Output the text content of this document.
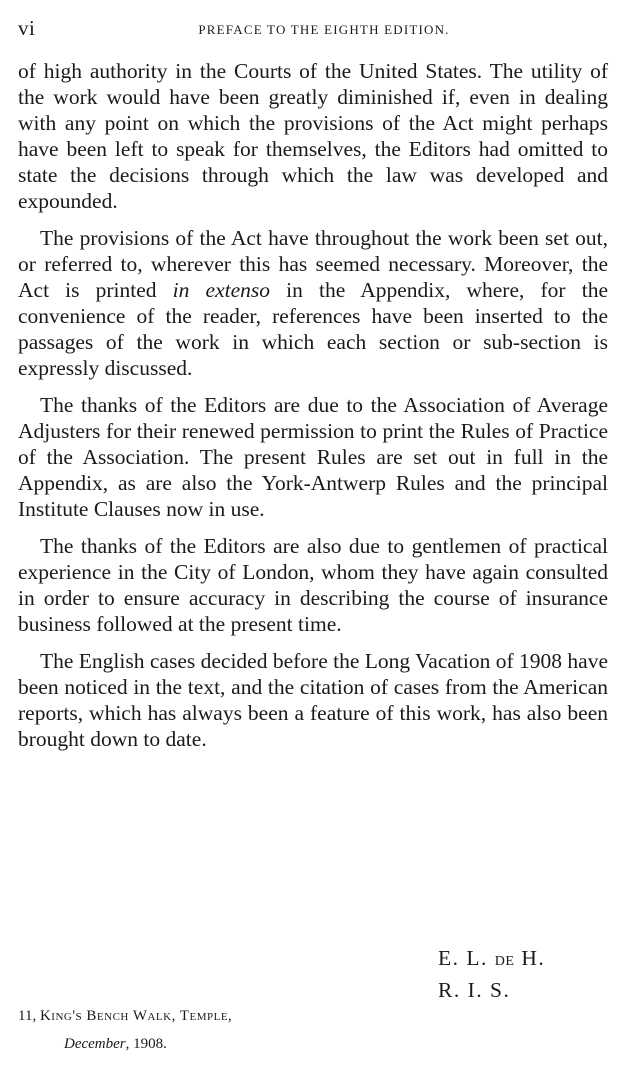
vi	PREFACE TO THE EIGHTH EDITION.

of high authority in the Courts of the United States. The utility of the work would have been greatly diminished if, even in dealing with any point on which the provisions of the Act might perhaps have been left to speak for themselves, the Editors had omitted to state the decisions through which the law was developed and expounded.

The provisions of the Act have throughout the work been set out, or referred to, wherever this has seemed necessary. Moreover, the Act is printed in extenso in the Appendix, where, for the convenience of the reader, references have been inserted to the passages of the work in which each section or sub-section is expressly discussed.

The thanks of the Editors are due to the Association of Average Adjusters for their renewed permission to print the Rules of Practice of the Association. The present Rules are set out in full in the Appendix, as are also the York-Antwerp Rules and the principal Institute Clauses now in use.

The thanks of the Editors are also due to gentlemen of practical experience in the City of London, whom they have again consulted in order to ensure accuracy in describing the course of insurance business followed at the present time.

The English cases decided before the Long Vacation of 1908 have been noticed in the text, and the citation of cases from the American reports, which has always been a feature of this work, has also been brought down to date.

E. L. DE H.
R. I. S.
11, King's Bench Walk, Temple,
December, 1908.
